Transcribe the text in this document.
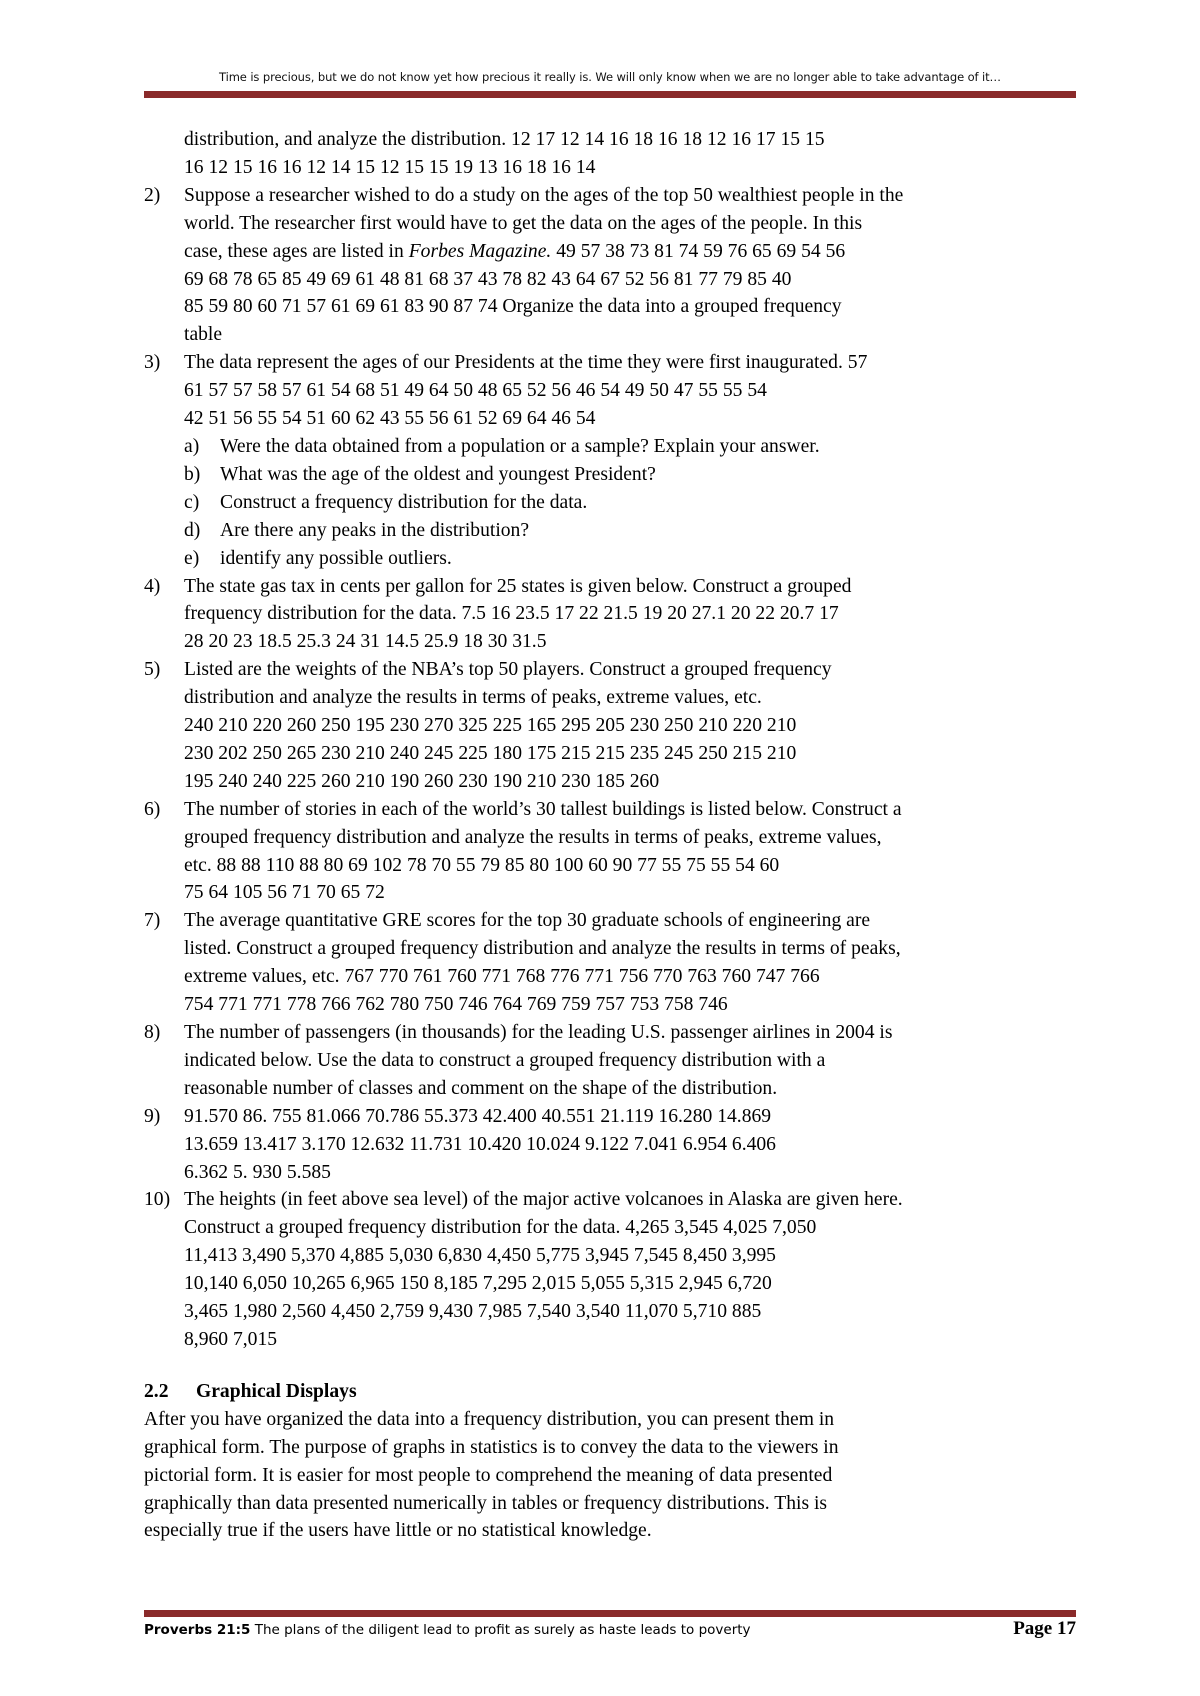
Time is precious, but we do not know yet how precious it really is. We will only know when we are no longer able to take advantage of it…
distribution, and analyze the distribution. 12 17 12 14 16 18 16 18 12 16 17 15 15
16 12 15 16 16 12 14 15 12 15 15 19 13 16 18 16 14
2) Suppose a researcher wished to do a study on the ages of the top 50 wealthiest people in the
world. The researcher first would have to get the data on the ages of the people. In this
case, these ages are listed in Forbes Magazine. 49 57 38 73 81 74 59 76 65 69 54 56
69 68 78 65 85 49 69 61 48 81 68 37 43 78 82 43 64 67 52 56 81 77 79 85 40
85 59 80 60 71 57 61 69 61 83 90 87 74 Organize the data into a grouped frequency
table
3) The data represent the ages of our Presidents at the time they were first inaugurated. 57
61 57 57 58 57 61 54 68 51 49 64 50 48 65 52 56 46 54 49 50 47 55 55 54
42 51 56 55 54 51 60 62 43 55 56 61 52 69 64 46 54
a) Were the data obtained from a population or a sample? Explain your answer.
b) What was the age of the oldest and youngest President?
c) Construct a frequency distribution for the data.
d) Are there any peaks in the distribution?
e) identify any possible outliers.
4) The state gas tax in cents per gallon for 25 states is given below. Construct a grouped
frequency distribution for the data. 7.5 16 23.5 17 22 21.5 19 20 27.1 20 22 20.7 17
28 20 23 18.5 25.3 24 31 14.5 25.9 18 30 31.5
5) Listed are the weights of the NBA’s top 50 players. Construct a grouped frequency
distribution and analyze the results in terms of peaks, extreme values, etc.
240 210 220 260 250 195 230 270 325 225 165 295 205 230 250 210 220 210
230 202 250 265 230 210 240 245 225 180 175 215 215 235 245 250 215 210
195 240 240 225 260 210 190 260 230 190 210 230 185 260
6) The number of stories in each of the world’s 30 tallest buildings is listed below. Construct a
grouped frequency distribution and analyze the results in terms of peaks, extreme values,
etc. 88 88 110 88 80 69 102 78 70 55 79 85 80 100 60 90 77 55 75 55 54 60
75 64 105 56 71 70 65 72
7) The average quantitative GRE scores for the top 30 graduate schools of engineering are
listed. Construct a grouped frequency distribution and analyze the results in terms of peaks,
extreme values, etc. 767 770 761 760 771 768 776 771 756 770 763 760 747 766
754 771 771 778 766 762 780 750 746 764 769 759 757 753 758 746
8) The number of passengers (in thousands) for the leading U.S. passenger airlines in 2004 is
indicated below. Use the data to construct a grouped frequency distribution with a
reasonable number of classes and comment on the shape of the distribution.
9) 91.570 86. 755 81.066 70.786 55.373 42.400 40.551 21.119 16.280 14.869
13.659 13.417 3.170 12.632 11.731 10.420 10.024 9.122 7.041 6.954 6.406
6.362 5. 930 5.585
10) The heights (in feet above sea level) of the major active volcanoes in Alaska are given here.
Construct a grouped frequency distribution for the data. 4,265 3,545 4,025 7,050
11,413 3,490 5,370 4,885 5,030 6,830 4,450 5,775 3,945 7,545 8,450 3,995
10,140 6,050 10,265 6,965 150 8,185 7,295 2,015 5,055 5,315 2,945 6,720
3,465 1,980 2,560 4,450 2,759 9,430 7,985 7,540 3,540 11,070 5,710 885
8,960 7,015
2.2 Graphical Displays
After you have organized the data into a frequency distribution, you can present them in
graphical form. The purpose of graphs in statistics is to convey the data to the viewers in
pictorial form. It is easier for most people to comprehend the meaning of data presented
graphically than data presented numerically in tables or frequency distributions. This is
especially true if the users have little or no statistical knowledge.
Proverbs 21:5 The plans of the diligent lead to profit as surely as haste leads to poverty	Page 17
